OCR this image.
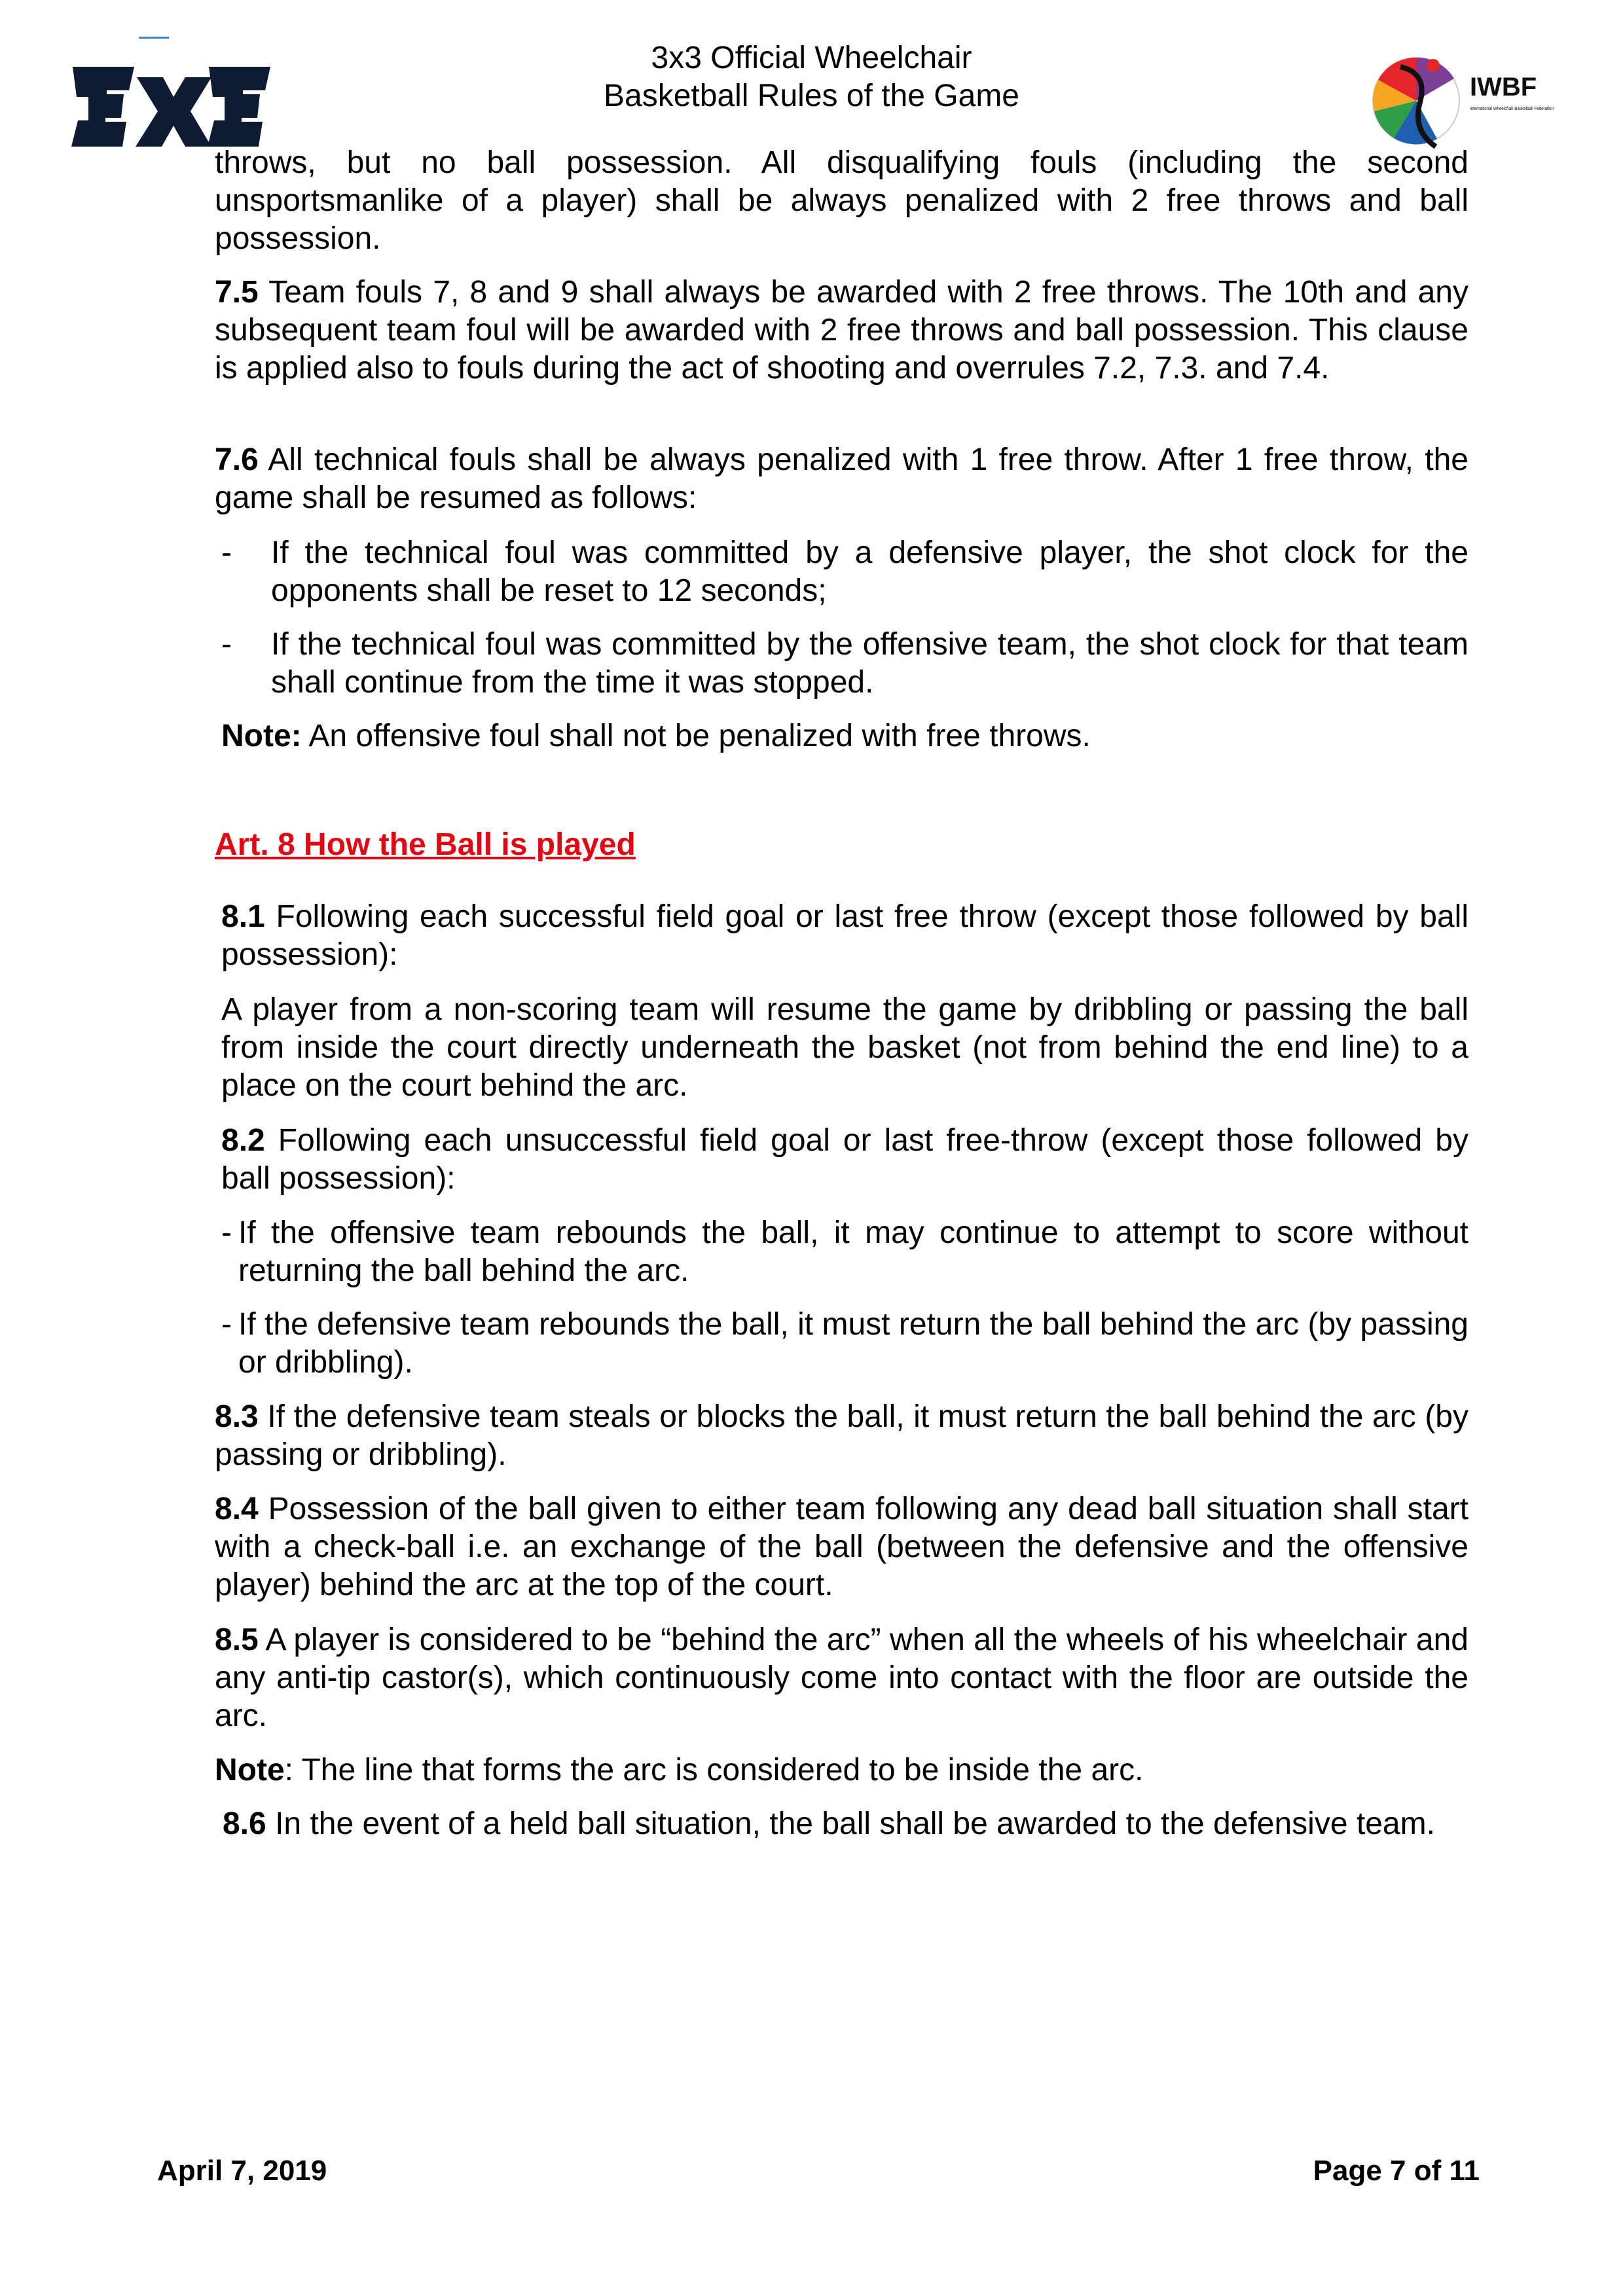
3x3 Official Wheelchair
Basketball Rules of the Game	IWBF
International Wheelchair Basketball Federation

throws, but no ball possession. All disqualifying fouls (including the second unsportsmanlike of a player) shall be always penalized with 2 free throws and ball possession.

7.5 Team fouls 7, 8 and 9 shall always be awarded with 2 free throws. The 10th and any subsequent team foul will be awarded with 2 free throws and ball possession. This clause is applied also to fouls during the act of shooting and overrules 7.2, 7.3. and 7.4.

7.6 All technical fouls shall be always penalized with 1 free throw. After 1 free throw, the game shall be resumed as follows:

- If the technical foul was committed by a defensive player, the shot clock for the opponents shall be reset to 12 seconds;

- If the technical foul was committed by the offensive team, the shot clock for that team shall continue from the time it was stopped.

Note: An offensive foul shall not be penalized with free throws.

Art. 8 How the Ball is played

8.1 Following each successful field goal or last free throw (except those followed by ball possession):

A player from a non-scoring team will resume the game by dribbling or passing the ball from inside the court directly underneath the basket (not from behind the end line) to a place on the court behind the arc.

8.2 Following each unsuccessful field goal or last free-throw (except those followed by ball possession):

- If the offensive team rebounds the ball, it may continue to attempt to score without returning the ball behind the arc.

- If the defensive team rebounds the ball, it must return the ball behind the arc (by passing or dribbling).

8.3 If the defensive team steals or blocks the ball, it must return the ball behind the arc (by passing or dribbling).

8.4 Possession of the ball given to either team following any dead ball situation shall start with a check-ball i.e. an exchange of the ball (between the defensive and the offensive player) behind the arc at the top of the court.

8.5 A player is considered to be “behind the arc” when all the wheels of his wheelchair and any anti-tip castor(s), which continuously come into contact with the floor are outside the arc.

Note: The line that forms the arc is considered to be inside the arc.

8.6 In the event of a held ball situation, the ball shall be awarded to the defensive team.

April 7, 2019	Page 7 of 11
